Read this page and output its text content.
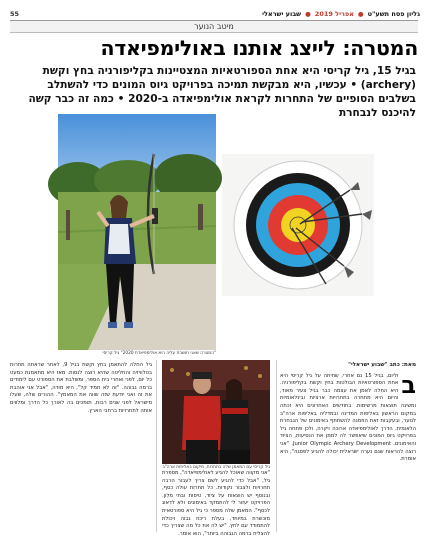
גליון פסח תשע"ט
●
אפריל 2019
●
שבוע ישראלי
55
מיטב הנוער
המטרה: לייצג אותנו באולימפיאדה

בגיל 15, גיל קריסי היא אחת הספורטאיות המצטיינות בקליפורניה בחץ וקשת (archery) • עכשיו, היא מבקשת תמיכה בפרויקט גיוס המונים כדי להשתלב בשלבים הסופיים של התחרות לקראת אולימפיאדה ב-2020 • כמה זה כבר קשה להיכנס לנבחרת

"המטרה שאני חושבת עליה היא אולימפיאדת 2020" גיל קריסי
גיל קריסי עם המאמן שלה בתחרות, מיקום באליפות ארה"ב
מאת: כתב "שבוע ישראלי"
ב
וליום, בגיל 15 גם אחרי, שחיתה על גיל קריסי היא אחת הספורטאיות הבולטות בחץ וקשת בקליפורניה. היא החלה לאמן את עצמה כבר בגיל צעיר מאוד, והיום היא מתחרה בתחרויות ארציות ובינלאומיות ומשיגה תוצאות מרשימות. בחודשים האחרונים היא זכתה במקום הראשון באליפות המדינה ובמדליה באליפות ארה"ב לנוער, ובעקבות זאת הוזמנה להשתתף באימונים של הנבחרת הלאומית. הדרך לאולימפיאדה ארוכה ויקרה, ולכן פתחה גיל בפרויקט גיוס המונים שיאפשר לה לממן את הנסיעות, הציוד והאימונים. Junior Olympic Archery Development. "אני רוצה להראות שגם נערה ישראלית יכולה להגיע לפסגה", היא אומרת.
"אני מקווה שאוכל להגיע לאולימפיאדה", מספרת גיל, "אבל כדי להגיע לשם צריך לעבור הרבה תחרויות ולצבור נקודות. כל תחרות עולה כסף, ובנוסף יש הוצאות על ציוד, טיסות ובתי מלון. הפרויקט יעזור לי להתמקד באימונים ולא לדאוג לכסף". המאמן שלה מספר כי גיל היא ספורטאית מוכשרת במיוחד, בעלת ריכוז גבוה ויכולת להתמודד עם לחץ. "יש לה את כל מה שצריך כדי להצליח ברמה הגבוהה ביותר", הוא אומר.
גיל החלה להתאמן בחץ וקשת בגיל 9, לאחר שראתה תחרות בטלוויזיה והחליטה שהיא רוצה לנסות. מאז היא מתאמנת כמעט כל יום, לפני ואחרי בית הספר, ומשלבת את הספורט עם לימודים ברמה גבוהה. "זה לא תמיד קל", היא מודה, "אבל אני אוהבת את זה ואני יודעת שזה שווה את המאמץ". ההורים שלה, שעלו מישראל לפני שנים רבות, תומכים בה לאורך כל הדרך ומלווים אותה לתחרויות ברחבי הארץ.
